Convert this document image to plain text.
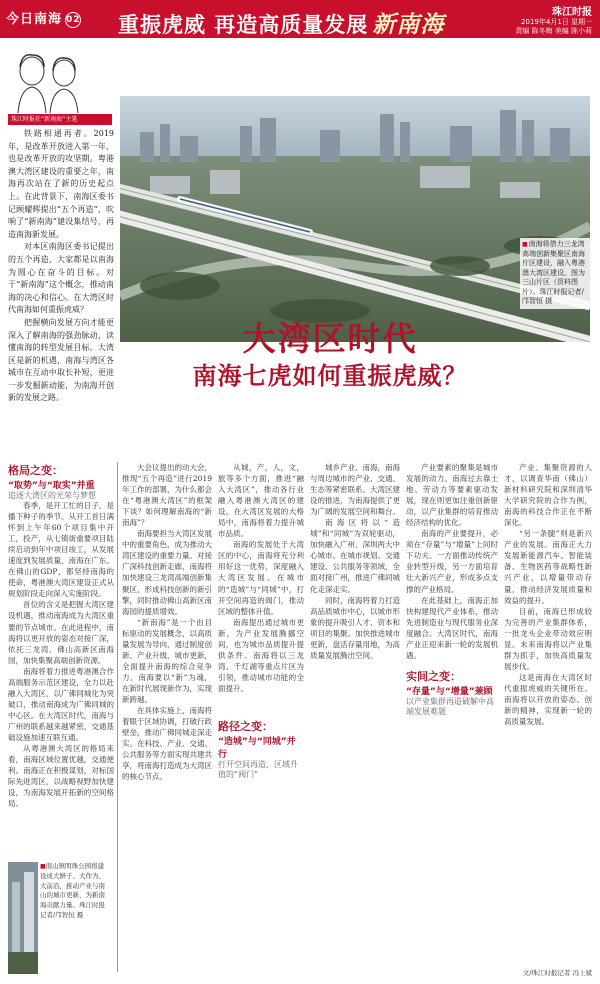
今日南海 02 重振虎威 再造高质量发展 新南海	珠江时报
2019年4月1日 星期一
责编 陈冬梅 美编 陈小莉
珠江时报社“新南海”主笔

铁路相通再者。2019年，是改革开放进入第一年，也是改革开放的攻坚期。粤港澳大湾区建设的重要之年，南海再次站在了新的历史起点上。在此背景下，南海区委书记顾耀辉提出“五个再造”，吹响了“新南海”建设集结号，再造南海新发展。

对本区南海区委书记提出的五个再造，大家都是以南海为圆心在奋斗的目标。对于“新南海”这个概念，推动南海的决心和信心。在大湾区时代南海如何重振虎威？

把握横向发展方向才能更深入了解南海的强劲脉动，读懂南海的转型发展目标。大湾区是新的机遇，南海与湾区各城市在互动中取长补短，更进一步发掘新动能，为南海开创新的发展之路。

■南海将借力三龙湾高端创新集聚区南海片区建设，融入粤港澳大湾区建设。图为三山片区（资料图片）。珠江时报记者/邝智恒 摄
大湾区时代
南海七虎如何重振虎威？
格局之变：
“取势”与“取实”并重
追逐大湾区的光荣与梦想

春季，是开工忙的日子，是播下种子的季节。从开工首日满怀到上午年60个项目集中开工，投产，从七镇街重要项目陆续启动到年中项目竣工，从发展速度到发展质量，南海在广东、在佛山的GDP，都坚持南海的使命，粤港澳大湾区建设正式从规划阶段走向深入实施阶段。

首位的含义是把握大湾区建设机遇，推动南海成为大湾区重要的节点城市。在此进程中，南海将以更开放的姿态对接广深，依托三龙湾、佛山高新区南海园，加快集聚高端创新资源。

南海将着力推进粤港澳合作高端服务示范区建设，全力以赴融入大湾区，以广佛同城化为突破口，推动南海成为广佛同城的中心区。在大湾区时代，南海与广州的联系越来越紧密，交通基础设施加速互联互通。

从粤港澳大湾区的格局来看，南海区域位置优越，交通便利。南海正在积极谋划，对标国际先进湾区，以战略视野加快建设，为南海发展开拓新的空间格局。

大会议提出的动大会，推现“五个再造”进行2019年工作的部署，为什么都会在“粤港澳大湾区”的框架下谈？如何理解南海的“新南海”？

南海要担当大湾区发展中的重要角色，成为推动大湾区建设的重要力量。对接广深科技创新走廊，南海将加快建设三龙湾高端创新集聚区，形成科技创新的新引擎，同时推动佛山高新区南海园的提质增效。

“新南海”是一个由目标驱动的发展概念，以高质量发展为导向，通过制度创新、产业升级、城市更新，全面提升南海的综合竞争力。南海要以“新”为魂，在新时代展现新作为，实现新跨越。

在具体实施上，南海将着眼于区域协调，打破行政壁垒，推动广佛同城走深走实。在科技、产业、交通、公共服务等方面实现共建共享，将南海打造成为大湾区的核心节点。

从城，产，人，文，旅等多个方面，推进“融入大湾区”，推动各行业融入粤港澳大湾区的建设。在大湾区发展的大格局中，南海将着力提升城市品质。

南海的发展处于大湾区的中心，南海将充分利用好这一优势，深度融入大湾区发展。在城市的“造城”与“同城”中，打开空间再造的阀门，推动区域的整体升值。

南海提出通过城市更新，为产业发展腾挪空间，也为城市品质提升提供条件。南海将以三龙湾、千灯湖等重点片区为引领，推动城市功能的全面提升。

路径之变：
“造城”与“同城”并行
打开空间再造，区域升值的“阀门”

城乡产业、南海，南海与周边城市的产业、交通、生态等紧密联系。大湾区建设的推进，为南海提供了更为广阔的发展空间和舞台。

南海区将以“造城”和“同城”为双轮驱动，加快融入广州、深圳两大中心城市。在城市规划、交通建设、公共服务等领域，全面对接广州，推进广佛同城化走深走实。

同时，南海将着力打造高品质城市中心，以城市形象的提升吸引人才、资本和项目的集聚。加快推进城市更新，盘活存量用地，为高质量发展腾出空间。

产业要素的聚集是城市发展的动力。南海过去靠土地、劳动力等要素驱动发展，现在则更加注重创新驱动，以产业集群的培育推动经济结构的优化。

南海的产业要提升，必须在“存量”与“增量”上同时下功夫。一方面推动传统产业转型升级，另一方面培育壮大新兴产业，形成多点支撑的产业格局。

在此基础上，南海正加快构建现代产业体系，推动先进制造业与现代服务业深度融合。大湾区时代，南海产业正迎来新一轮的发展机遇。

实间之变：
“存量”与“增量”兼顾
以产业集群再造破解中高端发展难题

产业、集聚资源的人才，以调查华南（佛山）新材料研究院和深圳清华大学研究院的合作为例，南海的科技合作正在不断深化。

“另一条腿”则是新兴产业的发展。南海正大力发展新能源汽车、智能装备、生物医药等战略性新兴产业，以增量带动存量，推动经济发展质量和效益的提升。

目前，南海已形成较为完善的产业集群体系，一批龙头企业带动效应明显。未来南海将以产业集群为抓手，加快高质量发展步伐。

这是南海在大湾区时代重振虎威的关键所在。南海将以开放的姿态、创新的精神，实现新一轮的高质量发展。

■南山镇明珠公园将建设成大鲜子、大作为、大前沿，推动产业与南山的城市更新，为新南海贡献力量。珠江时报记者/邝智恒 摄
文/珠江时报记者 冯上斌
